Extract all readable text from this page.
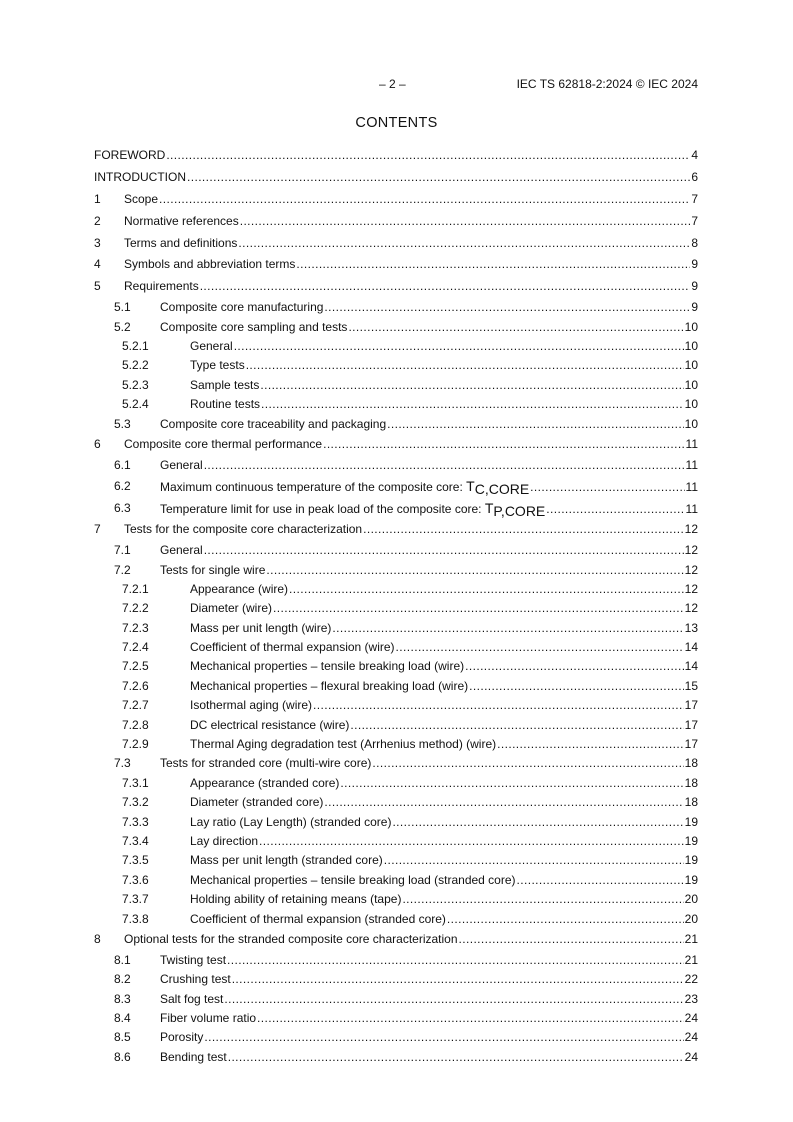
– 2 –	IEC TS 62818-2:2024 © IEC 2024
CONTENTS
FOREWORD .....	4
INTRODUCTION .....	6
1 Scope .....	7
2 Normative references .....	7
3 Terms and definitions .....	8
4 Symbols and abbreviation terms .....	9
5 Requirements .....	9
5.1 Composite core manufacturing .....	9
5.2 Composite core sampling and tests .....	10
5.2.1	General .....	10
5.2.2	Type tests .....	10
5.2.3	Sample tests .....	10
5.2.4	Routine tests .....	10
5.3 Composite core traceability and packaging .....	10
6 Composite core thermal performance .....	11
6.1 General .....	11
6.2 Maximum continuous temperature of the composite core: $T_{C,CORE}$ .....	11
6.3 Temperature limit for use in peak load of the composite core: $T_{P,CORE}$ .....	11
7 Tests for the composite core characterization .....	12
7.1 General .....	12
7.2 Tests for single wire .....	12
7.2.1	Appearance (wire) .....	12
7.2.2	Diameter (wire) .....	12
7.2.3	Mass per unit length (wire) .....	13
7.2.4	Coefficient of thermal expansion (wire) .....	14
7.2.5	Mechanical properties – tensile breaking load (wire) .....	14
7.2.6	Mechanical properties – flexural breaking load (wire) .....	15
7.2.7	Isothermal aging (wire) .....	17
7.2.8	DC electrical resistance (wire) .....	17
7.2.9	Thermal Aging degradation test (Arrhenius method) (wire) .....	17
7.3 Tests for stranded core (multi-wire core) .....	18
7.3.1	Appearance (stranded core) .....	18
7.3.2	Diameter (stranded core) .....	18
7.3.3	Lay ratio (Lay Length) (stranded core) .....	19
7.3.4	Lay direction .....	19
7.3.5	Mass per unit length (stranded core) .....	19
7.3.6	Mechanical properties – tensile breaking load (stranded core) .....	19
7.3.7	Holding ability of retaining means (tape) .....	20
7.3.8	Coefficient of thermal expansion (stranded core) .....	20
8 Optional tests for the stranded composite core characterization .....	21
8.1 Twisting test .....	21
8.2 Crushing test .....	22
8.3 Salt fog test .....	23
8.4 Fiber volume ratio .....	24
8.5 Porosity .....	24
8.6 Bending test .....	24
